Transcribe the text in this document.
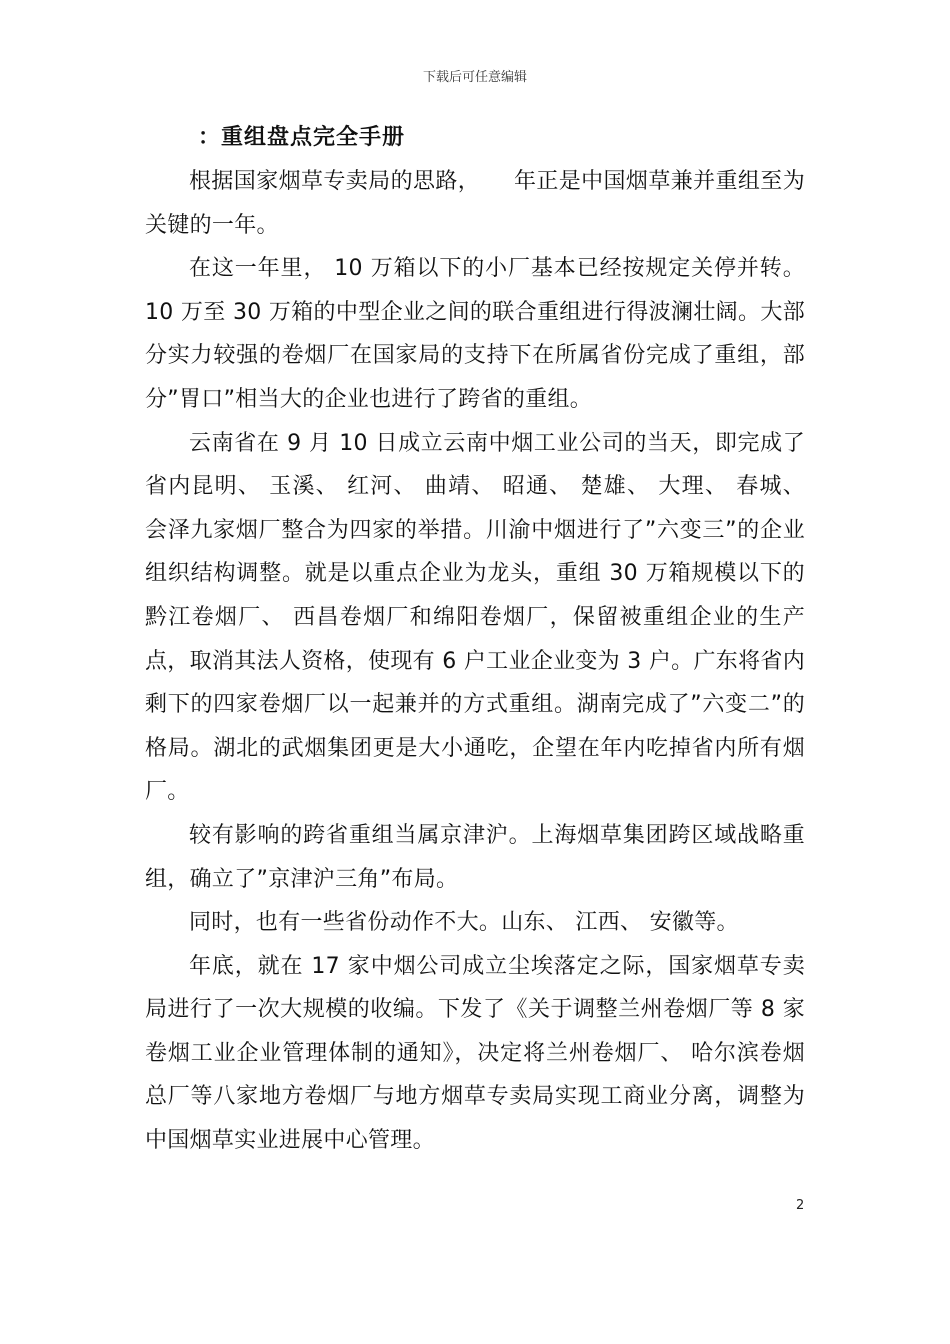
下载后可任意编辑
：重组盘点完全手册

根据国家烟草专卖局的思路，　　年正是中国烟草兼并重组至为关键的一年。

在这一年里， 10 万箱以下的小厂基本已经按规定关停并转。 10 万至 30 万箱的中型企业之间的联合重组进行得波澜壮阔。大部分实力较强的卷烟厂在国家局的支持下在所属省份完成了重组，部分”胃口”相当大的企业也进行了跨省的重组。

云南省在 9 月 10 日成立云南中烟工业公司的当天，即完成了省内昆明、 玉溪、 红河、 曲靖、 昭通、 楚雄、 大理、 春城、 会泽九家烟厂整合为四家的举措。川渝中烟进行了”六变三”的企业组织结构调整。就是以重点企业为龙头，重组 30 万箱规模以下的黔江卷烟厂、 西昌卷烟厂和绵阳卷烟厂，保留被重组企业的生产点，取消其法人资格，使现有 6 户工业企业变为 3 户。广东将省内剩下的四家卷烟厂以一起兼并的方式重组。湖南完成了”六变二”的格局。湖北的武烟集团更是大小通吃，企望在年内吃掉省内所有烟厂。

较有影响的跨省重组当属京津沪。上海烟草集团跨区域战略重组，确立了”京津沪三角”布局。

同时，也有一些省份动作不大。山东、 江西、 安徽等。

年底，就在 17 家中烟公司成立尘埃落定之际，国家烟草专卖局进行了一次大规模的收编。下发了《关于调整兰州卷烟厂等 8 家卷烟工业企业管理体制的通知》，决定将兰州卷烟厂、 哈尔滨卷烟总厂等八家地方卷烟厂与地方烟草专卖局实现工商业分离，调整为中国烟草实业进展中心管理。

2
